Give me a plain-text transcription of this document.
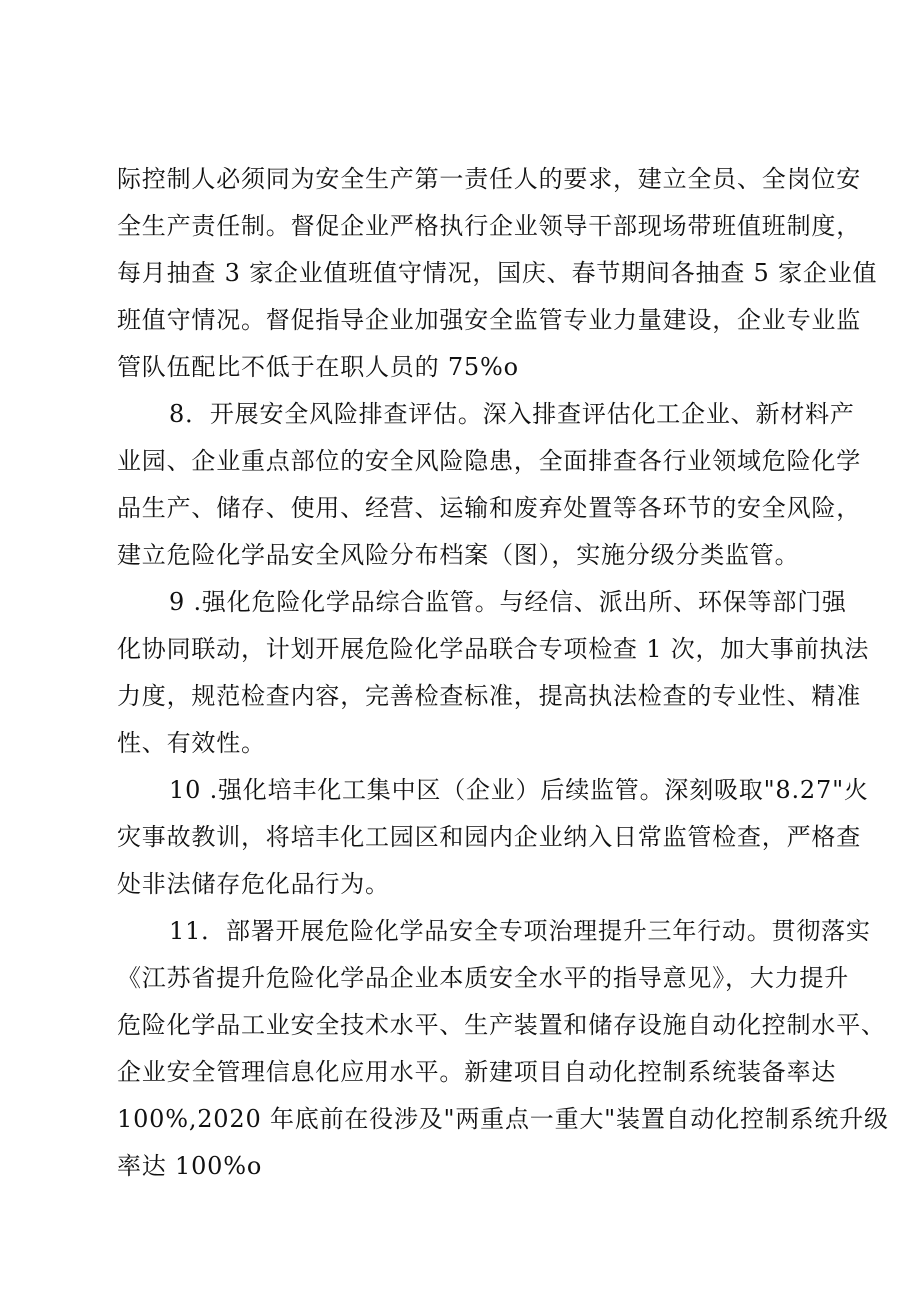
际控制人必须同为安全生产第一责任人的要求，建立全员、全岗位安
全生产责任制。督促企业严格执行企业领导干部现场带班值班制度，
每月抽查 3 家企业值班值守情况，国庆、春节期间各抽查 5 家企业值
班值守情况。督促指导企业加强安全监管专业力量建设，企业专业监
管队伍配比不低于在职人员的 75%o

8．开展安全风险排查评估。深入排查评估化工企业、新材料产
业园、企业重点部位的安全风险隐患，全面排查各行业领域危险化学
品生产、储存、使用、经营、运输和废弃处置等各环节的安全风险，
建立危险化学品安全风险分布档案（图），实施分级分类监管。

9 .强化危险化学品综合监管。与经信、派出所、环保等部门强
化协同联动，计划开展危险化学品联合专项检查 1 次，加大事前执法
力度，规范检查内容，完善检查标准，提高执法检查的专业性、精准
性、有效性。

10 .强化培丰化工集中区（企业）后续监管。深刻吸取"8.27"火
灾事故教训，将培丰化工园区和园内企业纳入日常监管检查，严格查
处非法储存危化品行为。

11．部署开展危险化学品安全专项治理提升三年行动。贯彻落实
《江苏省提升危险化学品企业本质安全水平的指导意见》，大力提升
危险化学品工业安全技术水平、生产装置和储存设施自动化控制水平、
企业安全管理信息化应用水平。新建项目自动化控制系统装备率达
100%,2020 年底前在役涉及"两重点一重大"装置自动化控制系统升级
率达 100%o
